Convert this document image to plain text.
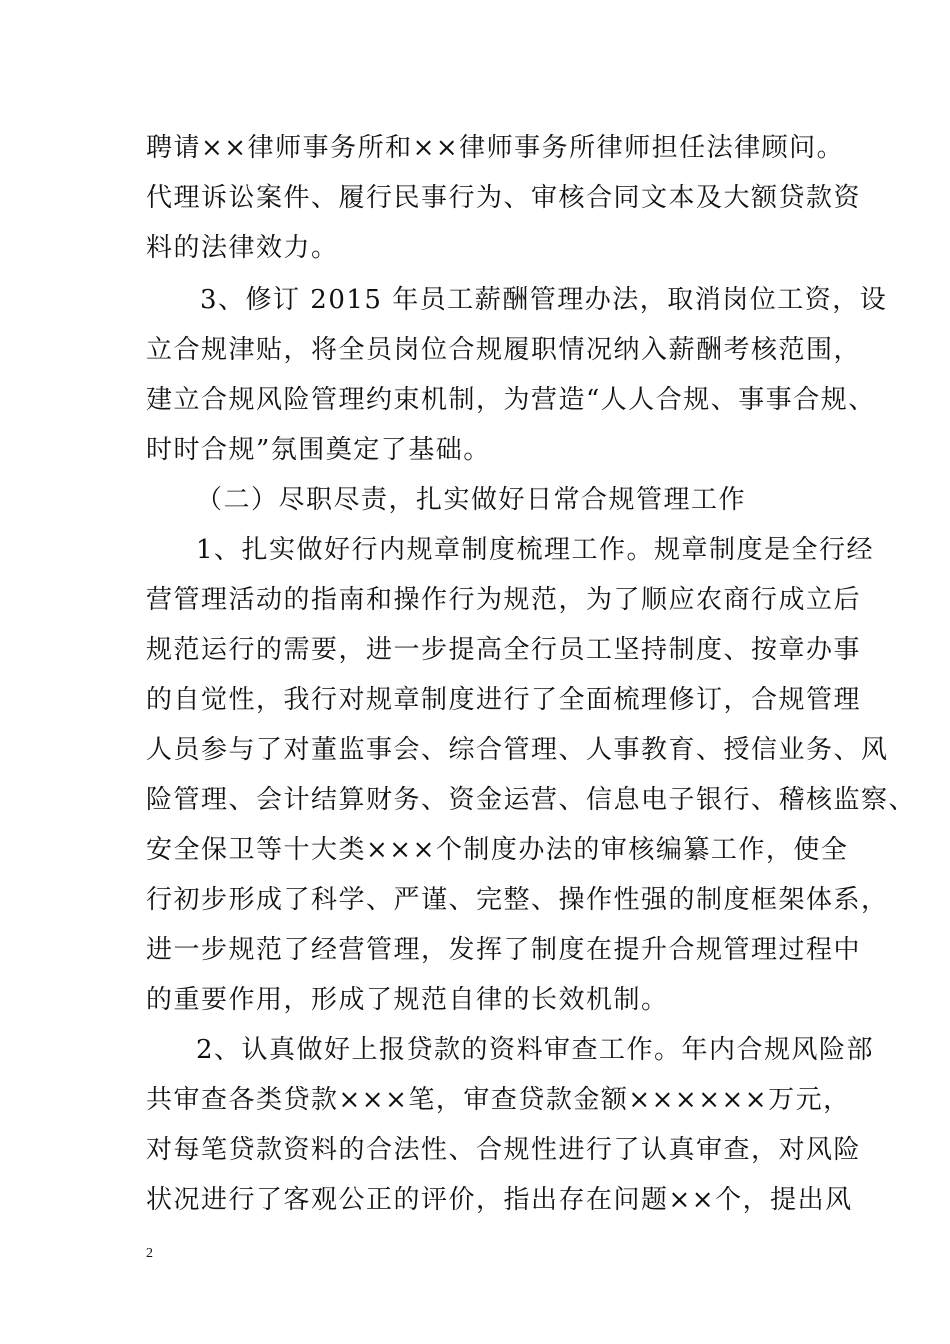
聘请××律师事务所和××律师事务所律师担任法律顾问。
代理诉讼案件、履行民事行为、审核合同文本及大额贷款资
料的法律效力。
3、修订 2015 年员工薪酬管理办法，取消岗位工资，设
立合规津贴，将全员岗位合规履职情况纳入薪酬考核范围，
建立合规风险管理约束机制，为营造“人人合规、事事合规、
时时合规”氛围奠定了基础。
（二）尽职尽责，扎实做好日常合规管理工作
1、扎实做好行内规章制度梳理工作。规章制度是全行经
营管理活动的指南和操作行为规范，为了顺应农商行成立后
规范运行的需要，进一步提高全行员工坚持制度、按章办事
的自觉性，我行对规章制度进行了全面梳理修订，合规管理
人员参与了对董监事会、综合管理、人事教育、授信业务、风
险管理、会计结算财务、资金运营、信息电子银行、稽核监察、
安全保卫等十大类×××个制度办法的审核编纂工作，使全
行初步形成了科学、严谨、完整、操作性强的制度框架体系，
进一步规范了经营管理，发挥了制度在提升合规管理过程中
的重要作用，形成了规范自律的长效机制。
2、认真做好上报贷款的资料审查工作。年内合规风险部
共审查各类贷款×××笔，审查贷款金额××××××万元，
对每笔贷款资料的合法性、合规性进行了认真审查，对风险
状况进行了客观公正的评价，指出存在问题××个，提出风
2
